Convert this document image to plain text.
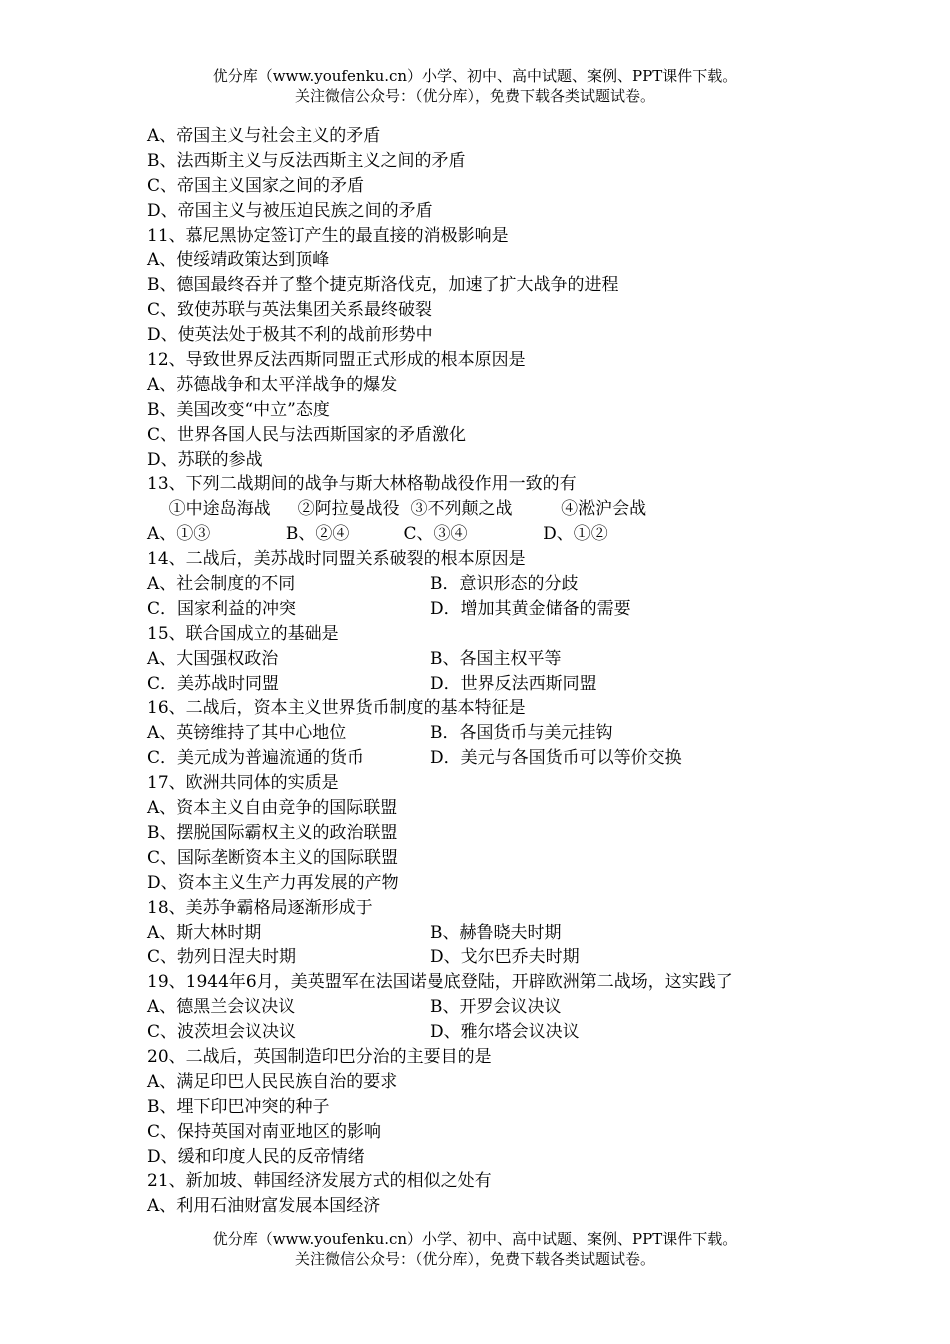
优分库（www.youfenku.cn）小学、初中、高中试题、案例、PPT课件下载。
关注微信公众号：（优分库），免费下载各类试题试卷。
A、帝国主义与社会主义的矛盾
B、法西斯主义与反法西斯主义之间的矛盾
C、帝国主义国家之间的矛盾
D、帝国主义与被压迫民族之间的矛盾
11、慕尼黑协定签订产生的最直接的消极影响是
A、使绥靖政策达到顶峰
B、德国最终吞并了整个捷克斯洛伐克，加速了扩大战争的进程
C、致使苏联与英法集团关系最终破裂
D、使英法处于极其不利的战前形势中
12、导致世界反法西斯同盟正式形成的根本原因是
A、苏德战争和太平洋战争的爆发
B、美国改变“中立”态度
C、世界各国人民与法西斯国家的矛盾激化
D、苏联的参战
13、下列二战期间的战争与斯大林格勒战役作用一致的有
①中途岛海战     ②阿拉曼战役  ③不列颠之战         ④淞沪会战
A、①③              B、②④          C、③④              D、①②
14、二战后，美苏战时同盟关系破裂的根本原因是
A、社会制度的不同	B．意识形态的分歧
C．国家利益的冲突	D．增加其黄金储备的需要
15、联合国成立的基础是
A、大国强权政治	B、各国主权平等
C．美苏战时同盟	D．世界反法西斯同盟
16、二战后，资本主义世界货币制度的基本特征是
A、英镑维持了其中心地位	B．各国货币与美元挂钩
C．美元成为普遍流通的货币	D．美元与各国货币可以等价交换
17、欧洲共同体的实质是
A、资本主义自由竞争的国际联盟
B、摆脱国际霸权主义的政治联盟
C、国际垄断资本主义的国际联盟
D、资本主义生产力再发展的产物
18、美苏争霸格局逐渐形成于
A、斯大林时期	B、赫鲁晓夫时期
C、勃列日涅夫时期	D、戈尔巴乔夫时期
19、1944年6月，美英盟军在法国诺曼底登陆，开辟欧洲第二战场，这实践了
A、德黑兰会议决议	B、开罗会议决议
C、波茨坦会议决议	D、雅尔塔会议决议
20、二战后，英国制造印巴分治的主要目的是
A、满足印巴人民民族自治的要求
B、埋下印巴冲突的种子
C、保持英国对南亚地区的影响
D、缓和印度人民的反帝情绪
21、新加坡、韩国经济发展方式的相似之处有
A、利用石油财富发展本国经济
优分库（www.youfenku.cn）小学、初中、高中试题、案例、PPT课件下载。
关注微信公众号：（优分库），免费下载各类试题试卷。
